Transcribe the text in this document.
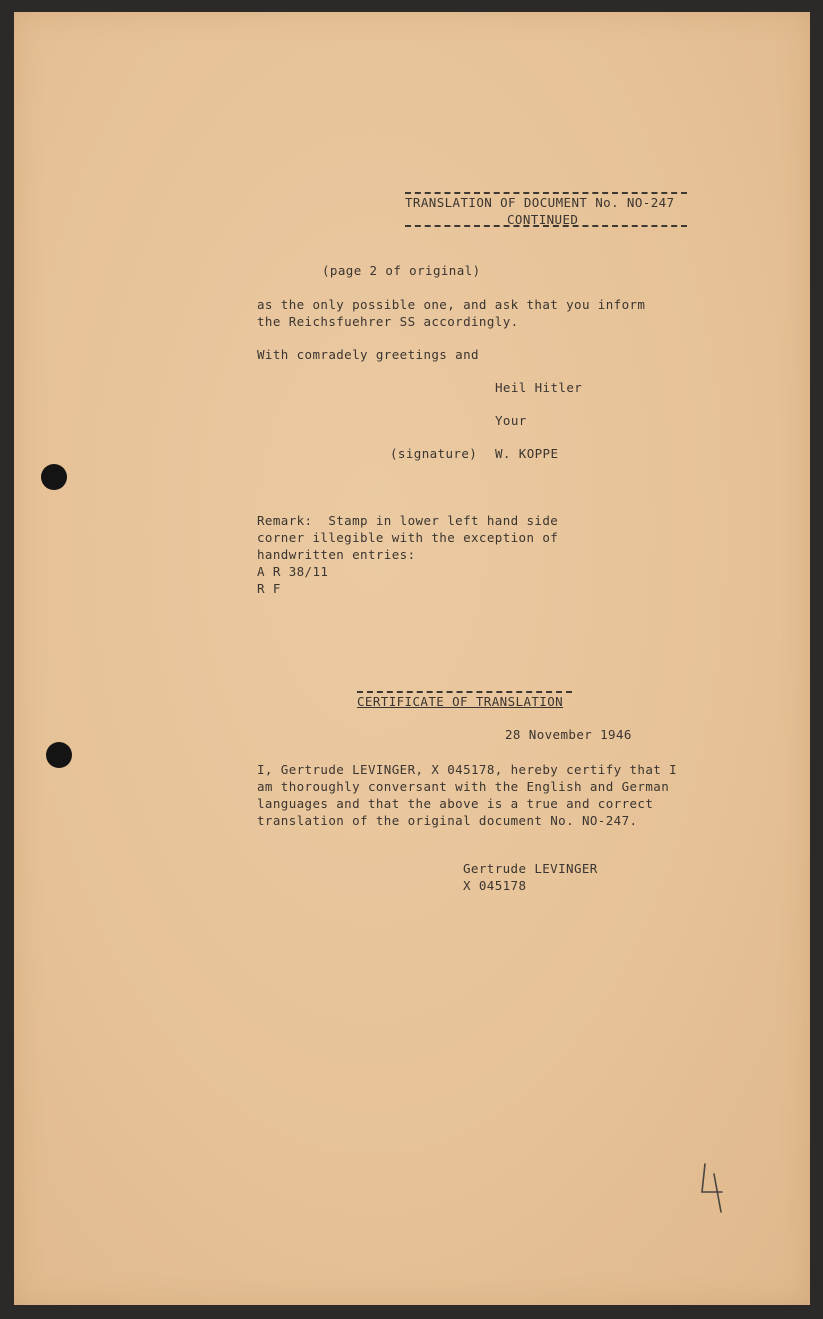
TRANSLATION OF DOCUMENT No. NO-247
CONTINUED
(page 2 of original)
as the only possible one, and ask that you inform
the Reichsfuehrer SS accordingly.
With comradely greetings and
Heil Hitler
Your
(signature) W. KOPPE
Remark:  Stamp in lower left hand side
corner illegible with the exception of
handwritten entries:
A R 38/11
R F
CERTIFICATE OF TRANSLATION
28 November 1946
I, Gertrude LEVINGER, X 045178, hereby certify that I
am thoroughly conversant with the English and German
languages and that the above is a true and correct
translation of the original document No. NO-247.
Gertrude LEVINGER
X 045178
